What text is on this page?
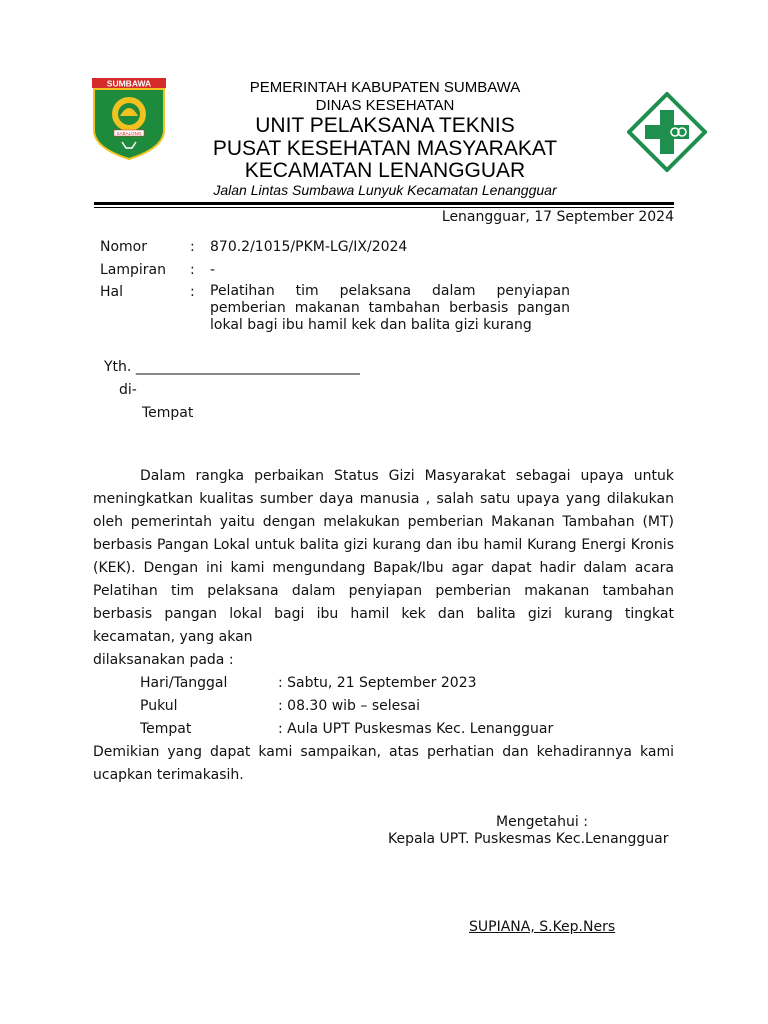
SUMBAWA
SABALONG
PEMERINTAH KABUPATEN SUMBAWA
DINAS KESEHATAN
UNIT PELAKSANA TEKNIS
PUSAT KESEHATAN MASYARAKAT
KECAMATAN LENANGGUAR
Jalan Lintas Sumbawa Lunyuk Kecamatan Lenangguar
Lenangguar, 17 September 2024
Nomor	: 870.2/1015/PKM-LG/IX/2024
Lampiran : -
Hal	: Pelatihan tim pelaksana dalam penyiapan pemberian makanan tambahan berbasis pangan lokal bagi ibu hamil kek dan balita gizi kurang
Yth. ________________________________
di-
Tempat

Dalam rangka perbaikan Status Gizi Masyarakat sebagai upaya untuk meningkatkan kualitas sumber daya manusia , salah satu upaya yang dilakukan oleh pemerintah yaitu dengan melakukan pemberian Makanan Tambahan (MT) berbasis Pangan Lokal untuk balita gizi kurang dan ibu hamil Kurang Energi Kronis (KEK). Dengan ini kami mengundang Bapak/Ibu agar dapat hadir dalam acara Pelatihan tim pelaksana dalam penyiapan pemberian makanan tambahan berbasis pangan lokal bagi ibu hamil kek dan balita gizi kurang tingkat kecamatan, yang akan

dilaksanakan pada :

Hari/Tanggal	: Sabtu, 21 September 2023
Pukul	: 08.30 wib – selesai
Tempat	: Aula UPT Puskesmas Kec. Lenangguar
Demikian yang dapat kami sampaikan, atas perhatian dan kehadirannya kami ucapkan terimakasih.
Mengetahui :
Kepala UPT. Puskesmas Kec.Lenangguar
SUPIANA, S.Kep.Ners
